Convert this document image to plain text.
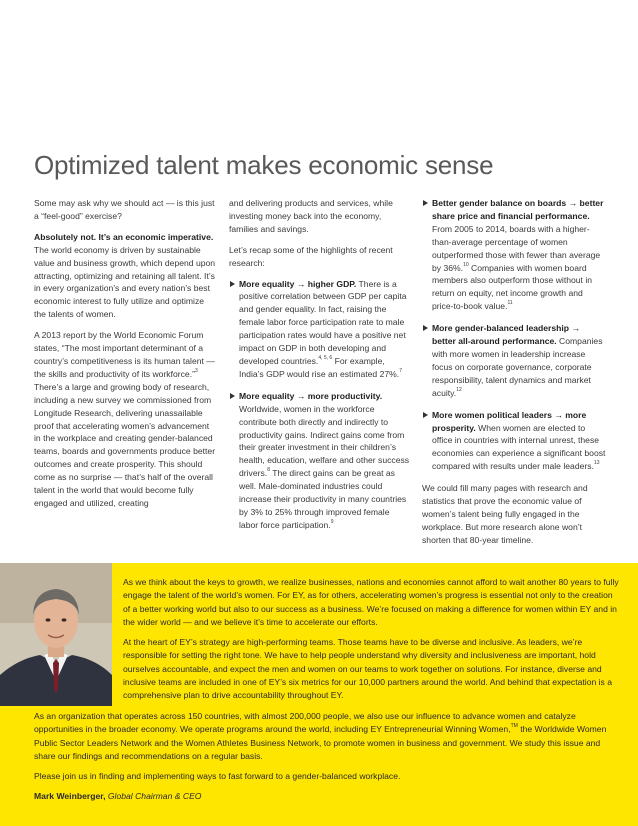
Optimized talent makes economic sense

Some may ask why we should act — is this just a “feel-good” exercise?

Absolutely not. It’s an economic imperative. The world economy is driven by sustainable value and business growth, which depend upon attracting, optimizing and retaining all talent. It’s in every organization’s and every nation’s best economic interest to fully utilize and optimize the talents of women.

A 2013 report by the World Economic Forum states, “The most important determinant of a country’s competitiveness is its human talent — the skills and productivity of its workforce.”$^3$ There’s a large and growing body of research, including a new survey we commissioned from Longitude Research, delivering unassailable proof that accelerating women’s advancement in the workplace and creating gender-balanced teams, boards and governments produce better outcomes and create prosperity. This should come as no surprise — that’s half of the overall talent in the world that would become fully engaged and utilized, creating

and delivering products and services, while investing money back into the economy, families and savings.

Let’s recap some of the highlights of recent research:

More equality → higher GDP. There is a positive correlation between GDP per capita and gender equality. In fact, raising the female labor force participation rate to male participation rates would have a positive net impact on GDP in both developing and developed countries.$^{4, 5, 6}$ For example, India’s GDP would rise an estimated 27%.$^7$
More equality → more productivity. Worldwide, women in the workforce contribute both directly and indirectly to productivity gains. Indirect gains come from their greater investment in their children’s health, education, welfare and other success drivers.$^8$ The direct gains can be great as well. Male-dominated industries could increase their productivity in many countries by 3% to 25% through improved female labor force participation.$^9$
Better gender balance on boards → better share price and financial performance. From 2005 to 2014, boards with a higher-than-average percentage of women outperformed those with fewer than average by 36%.$^{10}$ Companies with women board members also outperform those without in return on equity, net income growth and price-to-book value.$^{11}$
More gender-balanced leadership → better all-around performance. Companies with more women in leadership increase focus on corporate governance, corporate responsibility, talent dynamics and market acuity.$^{12}$
More women political leaders → more prosperity. When women are elected to office in countries with internal unrest, these economies can experience a significant boost compared with results under male leaders.$^{13}$

We could fill many pages with research and statistics that prove the economic value of women’s talent being fully engaged in the workplace. But more research alone won’t shorten that 80-year timeline.

As we think about the keys to growth, we realize businesses, nations and economies cannot afford to wait another 80 years to fully engage the talent of the world’s women. For EY, as for others, accelerating women’s progress is essential not only to the creation of a better working world but also to our success as a business. We’re focused on making a difference for women within EY and in the wider world — and we believe it’s time to accelerate our efforts.

At the heart of EY’s strategy are high-performing teams. Those teams have to be diverse and inclusive. As leaders, we’re responsible for setting the right tone. We have to help people understand why diversity and inclusiveness are important, hold ourselves accountable, and expect the men and women on our teams to work together on solutions. For instance, diverse and inclusive teams are included in one of EY’s six metrics for our 10,000 partners around the world. And behind that expectation is a comprehensive plan to drive accountability throughout EY.

As an organization that operates across 150 countries, with almost 200,000 people, we also use our influence to advance women and catalyze opportunities in the broader economy. We operate programs around the world, including EY Entrepreneurial Winning Women,™ the Worldwide Women Public Sector Leaders Network and the Women Athletes Business Network, to promote women in business and government. We study this issue and share our findings and recommendations on a regular basis.

Please join us in finding and implementing ways to fast forward to a gender-balanced workplace.

Mark Weinberger, Global Chairman & CEO
